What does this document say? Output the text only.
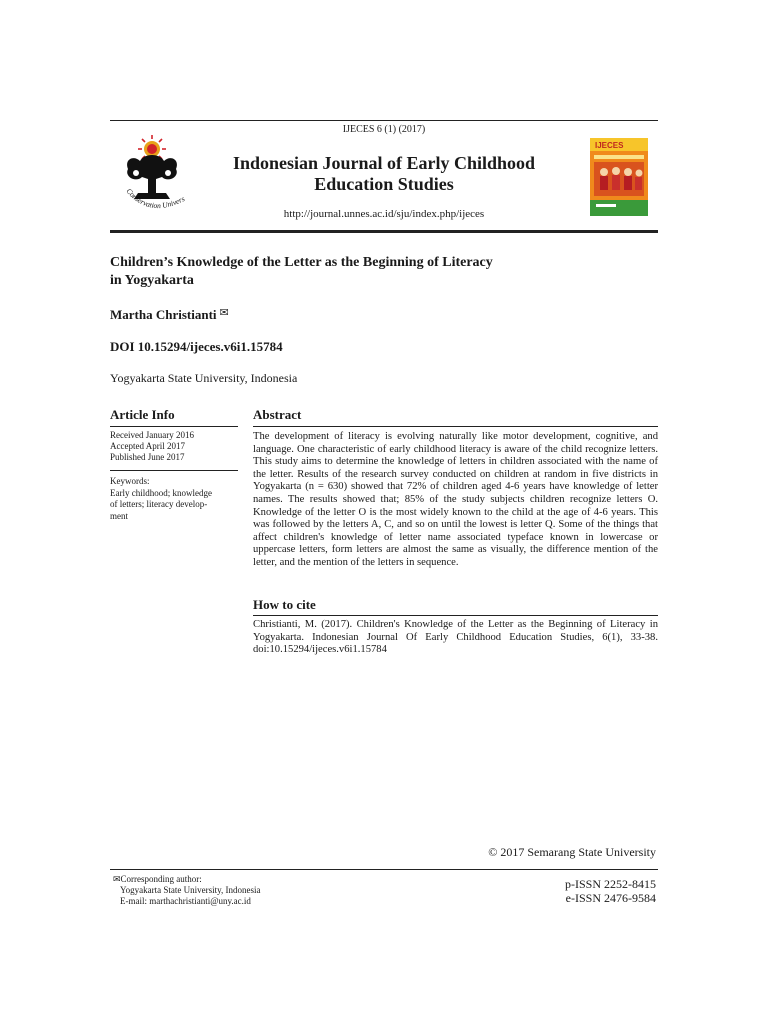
IJECES 6 (1) (2017)
Conservation Univers
Indonesian Journal of Early Childhood
Education Studies
http://journal.unnes.ac.id/sju/index.php/ijeces
IJECES
Children’s Knowledge of the Letter as the Beginning of Literacy
in Yogyakarta
Martha Christianti ✉
DOI 10.15294/ijeces.v6i1.15784
Yogyakarta State University, Indonesia
Article Info
Received January 2016
Accepted April 2017
Published June 2017
Keywords:
Early childhood; knowledge
of letters; literacy develop-
ment
Abstract
The development of literacy is evolving naturally like motor development, cognitive, and language. One characteristic of early childhood literacy is aware of the child recognize letters. This study aims to determine the knowledge of letters in children associated with the name of the letter. Results of the research survey conducted on children at random in five districts in Yogyakarta (n = 630) showed that 72% of children aged 4-6 years have knowledge of letter names. The results showed that; 85% of the study subjects children recognize letters O. Knowledge of the letter O is the most widely known to the child at the age of 4-6 years. This was followed by the letters A, C, and so on until the lowest is letter Q. Some of the things that affect children's knowledge of letter name associated typeface known in lowercase or uppercase letters, form letters are almost the same as visually, the difference mention of the letter, and the mention of the letters in sequence.
How to cite
Christianti, M. (2017). Children's Knowledge of the Letter as the Beginning of Literacy in Yogyakarta. Indonesian Journal Of Early Childhood Education Studies, 6(1), 33-38. doi:10.15294/ijeces.v6i1.15784
© 2017 Semarang State University
✉Corresponding author:
Yogyakarta State University, Indonesia
E-mail: marthachristianti@uny.ac.id
p-ISSN 2252-8415
e-ISSN 2476-9584
